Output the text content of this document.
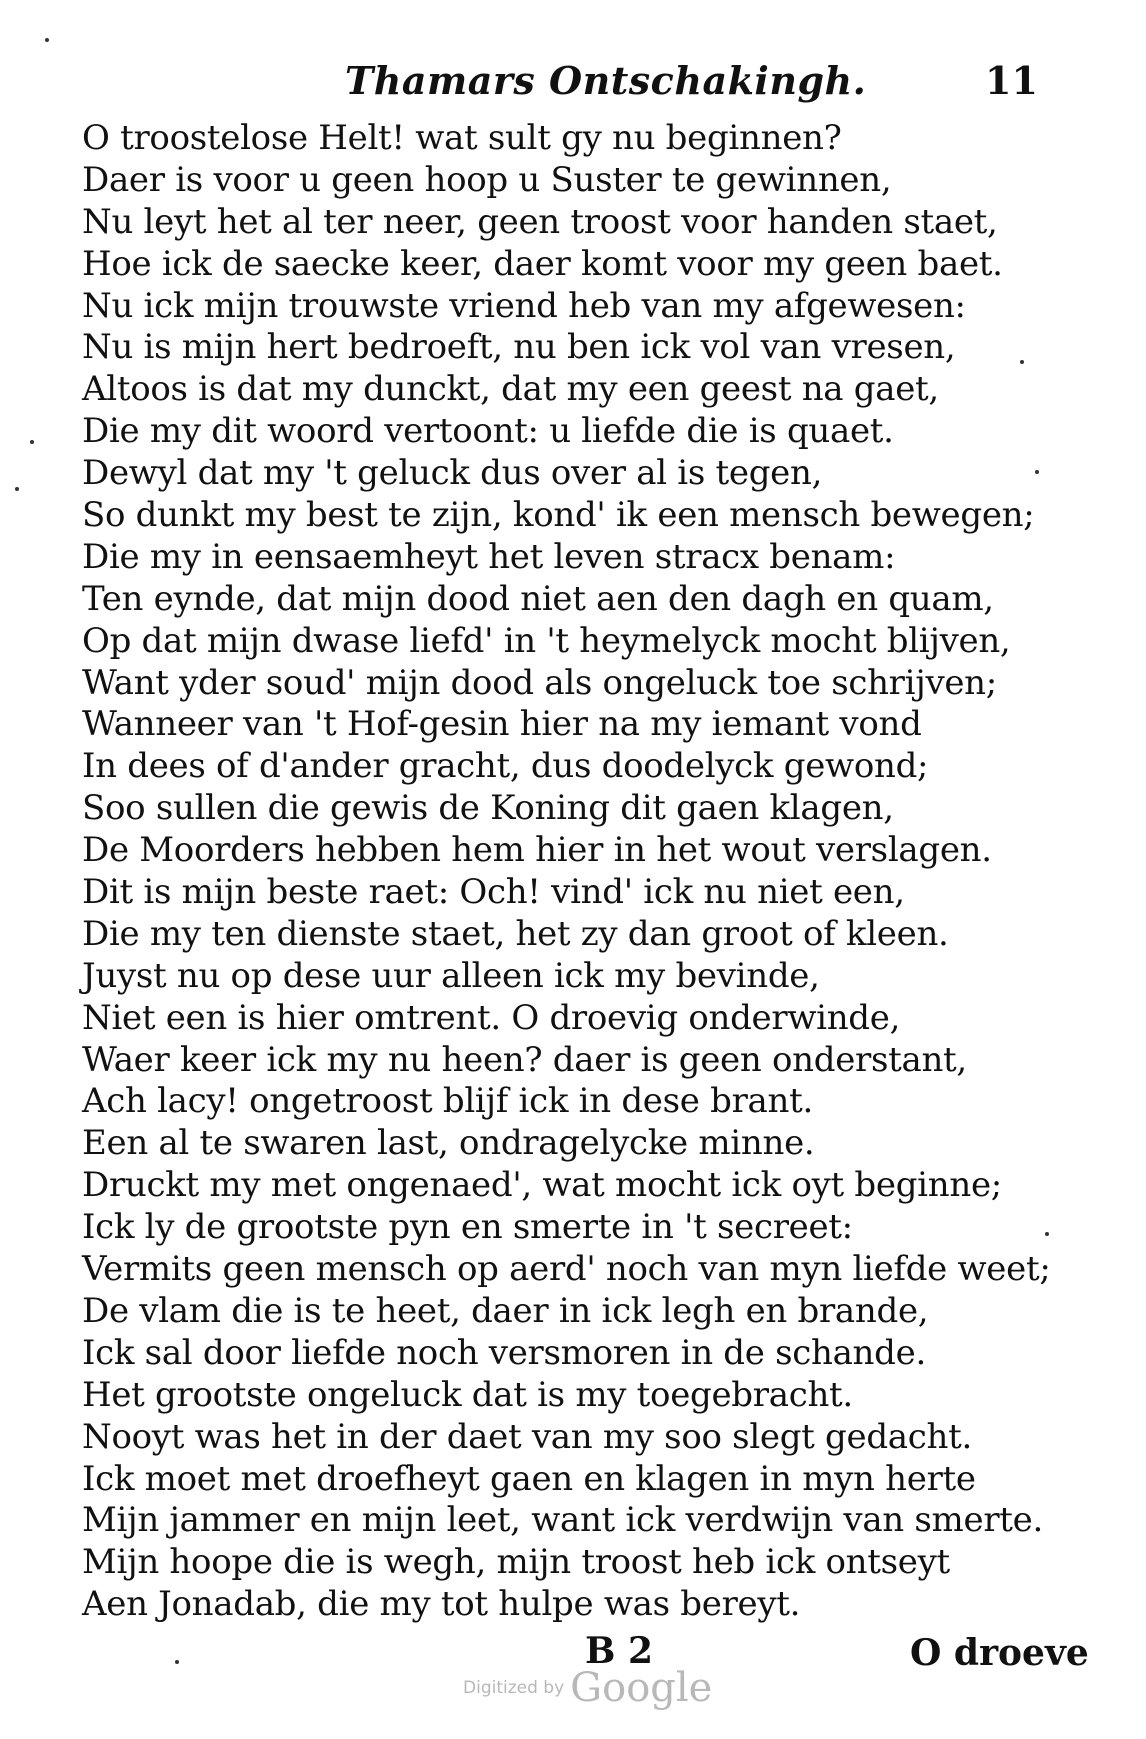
Thamars Ontschakingh.	11
O troostelose Helt! wat sult gy nu beginnen?
Daer is voor u geen hoop u Suster te gewinnen,
Nu leyt het al ter neer, geen troost voor handen staet,
Hoe ick de saecke keer, daer komt voor my geen baet.
Nu ick mijn trouwste vriend heb van my afgewesen:
Nu is mijn hert bedroeft, nu ben ick vol van vresen,
Altoos is dat my dunckt, dat my een geest na gaet,
Die my dit woord vertoont: u liefde die is quaet.
Dewyl dat my 't geluck dus over al is tegen,
So dunkt my best te zijn, kond' ik een mensch bewegen;
Die my in eensaemheyt het leven stracx benam:
Ten eynde, dat mijn dood niet aen den dagh en quam,
Op dat mijn dwase liefd' in 't heymelyck mocht blijven,
Want yder soud' mijn dood als ongeluck toe schrijven;
Wanneer van 't Hof-gesin hier na my iemant vond
In dees of d'ander gracht, dus doodelyck gewond;
Soo sullen die gewis de Koning dit gaen klagen,
De Moorders hebben hem hier in het wout verslagen.
Dit is mijn beste raet: Och! vind' ick nu niet een,
Die my ten dienste staet, het zy dan groot of kleen.
Juyst nu op dese uur alleen ick my bevinde,
Niet een is hier omtrent. O droevig onderwinde,
Waer keer ick my nu heen? daer is geen onderstant,
Ach lacy! ongetroost blijf ick in dese brant.
Een al te swaren last, ondragelycke minne.
Druckt my met ongenaed', wat mocht ick oyt beginne;
Ick ly de grootste pyn en smerte in 't secreet:
Vermits geen mensch op aerd' noch van myn liefde weet;
De vlam die is te heet, daer in ick legh en brande,
Ick sal door liefde noch versmoren in de schande.
Het grootste ongeluck dat is my toegebracht.
Nooyt was het in der daet van my soo slegt gedacht.
Ick moet met droefheyt gaen en klagen in myn herte
Mijn jammer en mijn leet, want ick verdwijn van smerte.
Mijn hoope die is wegh, mijn troost heb ick ontseyt
Aen Jonadab, die my tot hulpe was bereyt.
B 2	O droeve
Digitized by Google
